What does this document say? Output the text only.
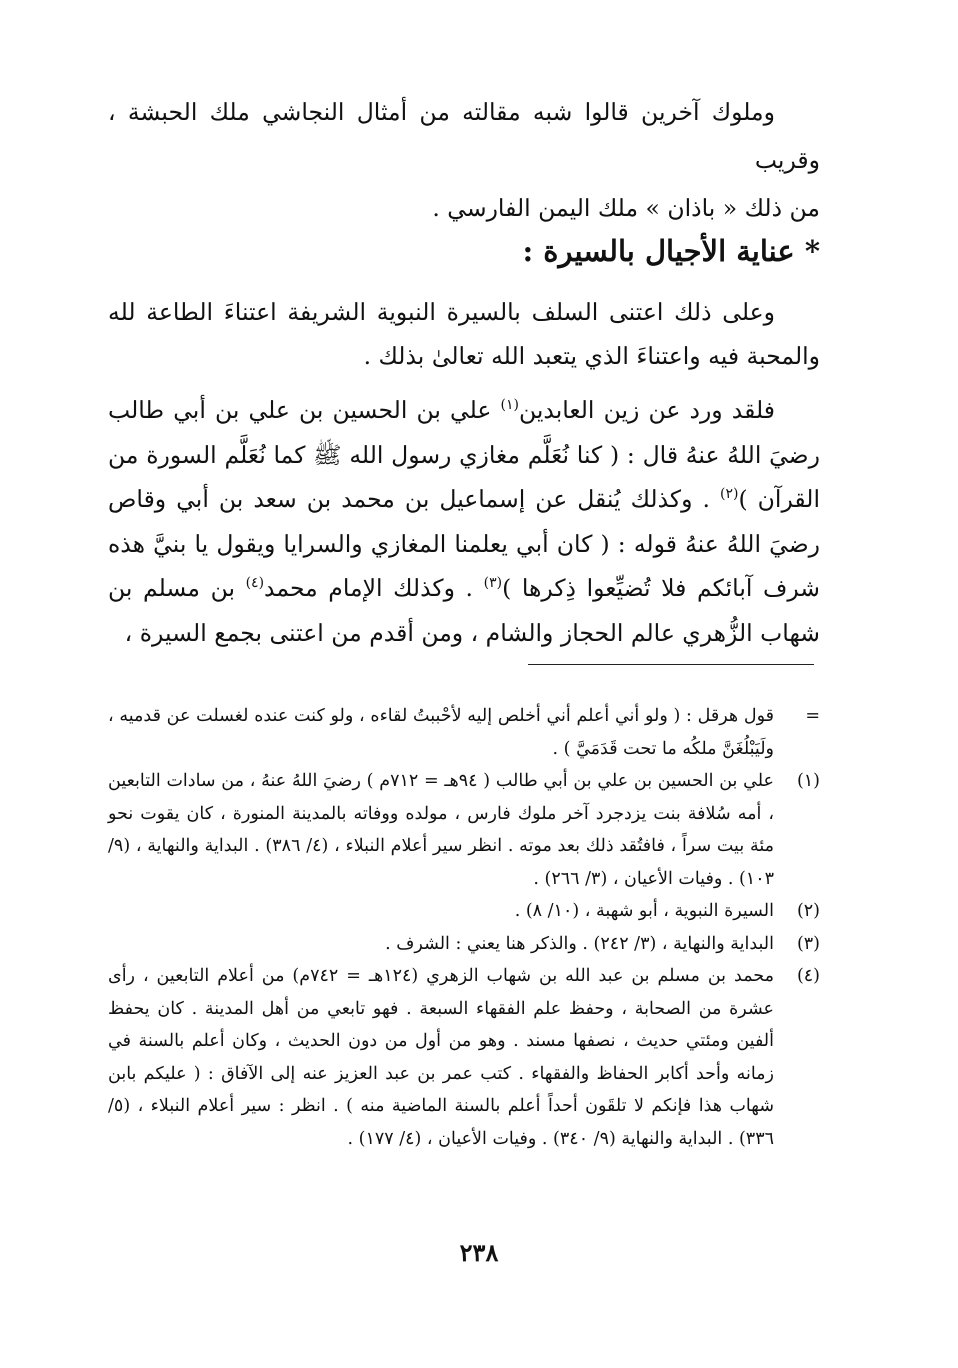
وملوك آخرين قالوا شبه مقالته من أمثال النجاشي ملك الحبشة ، وقريب
من ذلك « باذان » ملك اليمن الفارسي .
* عناية الأجيال بالسيرة :
وعلى ذلك اعتنى السلف بالسيرة النبوية الشريفة اعتناءَ الطاعة لله والمحبة فيه واعتناءَ الذي يتعبد الله تعالىٰ بذلك .
فلقد ورد عن زين العابدين$^{(١)}$ علي بن الحسين بن علي بن أبي طالب رضيَ اللهُ عنهُ قال : ( كنا نُعَلَّم مغازي رسول الله ﷺ كما نُعَلَّم السورة من القرآن )$^{(٢)}$ . وكذلك يُنقل عن إسماعيل بن محمد بن سعد بن أبي وقاص رضيَ اللهُ عنهُ قوله : ( كان أبي يعلمنا المغازي والسرايا ويقول يا بنيَّ هذه شرف آبائكم فلا تُضيِّعوا ذِكرها )$^{(٣)}$ . وكذلك الإمام محمد$^{(٤)}$ بن مسلم بن شهاب الزُّهري عالم الحجاز والشام ، ومن أقدم من اعتنى بجمع السيرة ،
=
قول هرقل : ( ولو أني أعلم أني أخلص إليه لأحْببتُ لقاءه ، ولو كنت عنده لغسلت عن قدميه ، ولَيَبْلُغَنَّ ملكُه ما تحت قَدَمَيَّ ) .
(١)
علي بن الحسين بن علي بن أبي طالب ( ٩٤هـ = ٧١٢م ) رضيَ اللهُ عنهُ ، من سادات التابعين ، أمه سُلافة بنت يزدجرد آخر ملوك فارس ، مولده ووفاته بالمدينة المنورة ، كان يقوت نحو مئة بيت سراً ، فافتُقد ذلك بعد موته . انظر سير أعلام النبلاء ، (٤/ ٣٨٦) . البداية والنهاية ، (٩/ ١٠٣) . وفيات الأعيان ، (٣/ ٢٦٦) .
(٢)
السيرة النبوية ، أبو شهبة ، (١٠/ ٨) .
(٣)
البداية والنهاية ، (٣/ ٢٤٢) . والذكر هنا يعني : الشرف .
(٤)
محمد بن مسلم بن عبد الله بن شهاب الزهري (١٢٤هـ = ٧٤٢م) من أعلام التابعين ، رأى عشرة من الصحابة ، وحفظ علم الفقهاء السبعة . فهو تابعي من أهل المدينة . كان يحفظ ألفين ومئتي حديث ، نصفها مسند . وهو من أول من دون الحديث ، وكان أعلم بالسنة في زمانه وأحد أكابر الحفاظ والفقهاء . كتب عمر بن عبد العزيز عنه إلى الآفاق : ( عليكم بابن شهاب هذا فإنكم لا تلقَون أحداً أعلم بالسنة الماضية منه ) . انظر : سير أعلام النبلاء ، (٥/ ٣٣٦) . البداية والنهاية (٩/ ٣٤٠) . وفيات الأعيان ، (٤/ ١٧٧) .
٢٣٨
